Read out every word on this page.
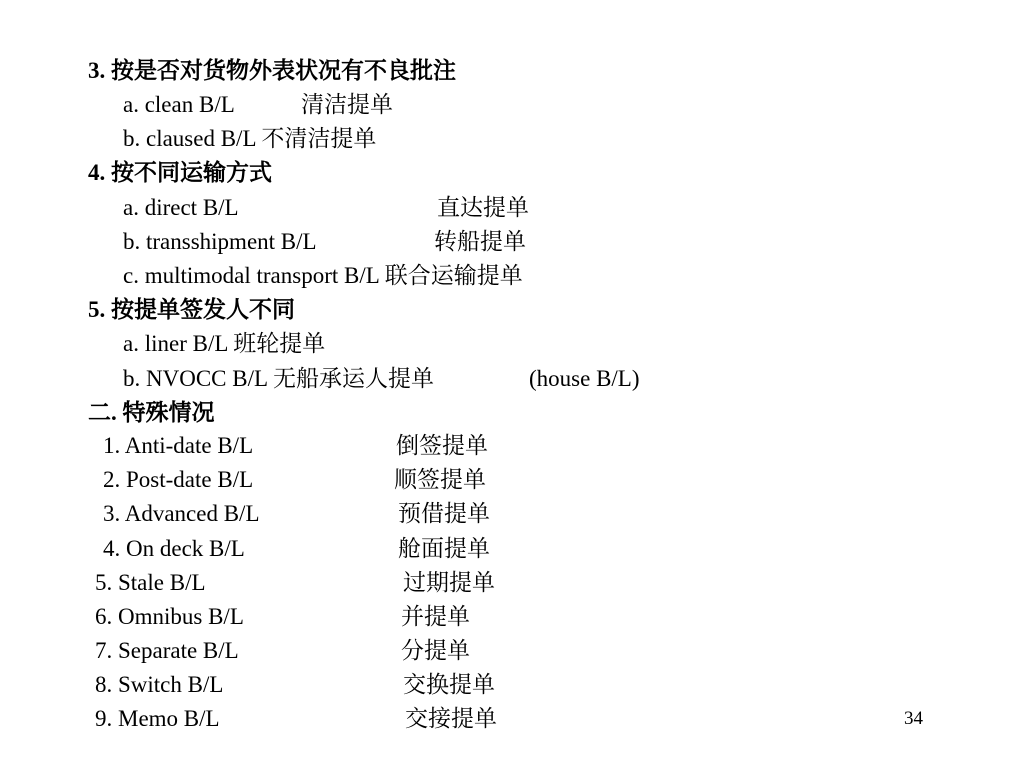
3. 按是否对货物外表状况有不良批注
a. clean B/L	清洁提单
b. claused B/L 不清洁提单
4. 按不同运输方式
a. direct B/L	直达提单
b. transshipment B/L	转船提单
c. multimodal transport B/L 联合运输提单
5. 按提单签发人不同
a. liner B/L 班轮提单
b. NVOCC B/L 无船承运人提单	(house B/L)
二. 特殊情况
1. Anti-date B/L	倒签提单
2. Post-date B/L	顺签提单
3. Advanced B/L	预借提单
4. On deck B/L	舱面提单
5. Stale B/L	过期提单
6. Omnibus B/L	并提单
7. Separate B/L	分提单
8. Switch B/L	交换提单
9. Memo B/L	交接提单	34
